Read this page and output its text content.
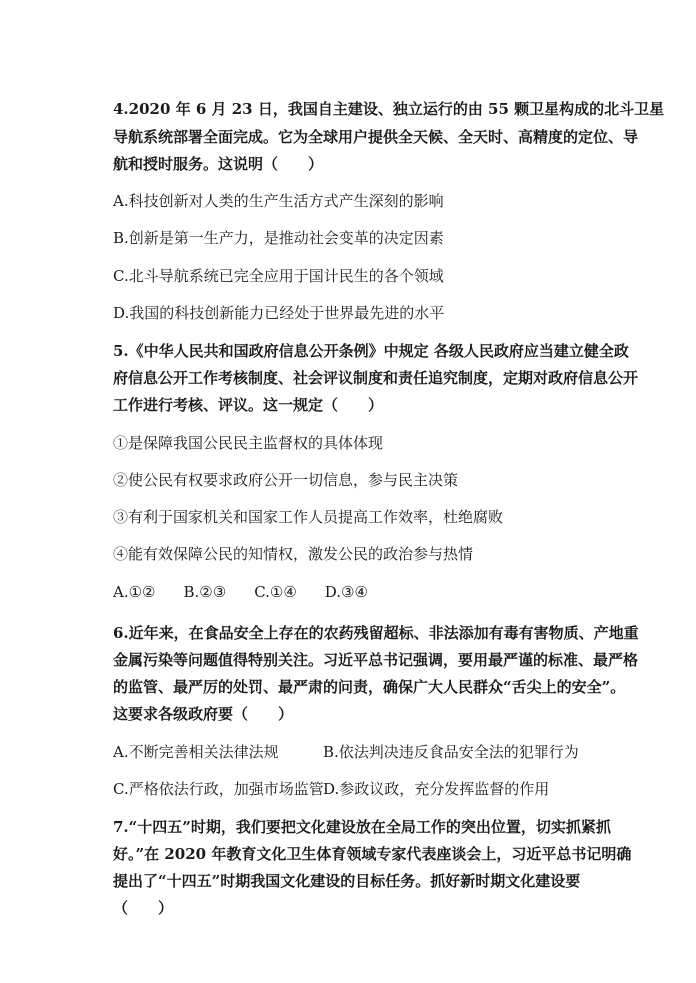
4.2020 年 6 月 23 日，我国自主建设、独立运行的由 55 颗卫星构成的北斗卫星
导航系统部署全面完成。它为全球用户提供全天候、全天时、高精度的定位、导
航和授时服务。这说明（　　）
A.科技创新对人类的生产生活方式产生深刻的影响
B.创新是第一生产力，是推动社会变革的决定因素
C.北斗导航系统已完全应用于国计民生的各个领域
D.我国的科技创新能力已经处于世界最先进的水平
5.《中华人民共和国政府信息公开条例》中规定 各级人民政府应当建立健全政
府信息公开工作考核制度、社会评议制度和责任追究制度，定期对政府信息公开
工作进行考核、评议。这一规定（　　）
①是保障我国公民民主监督权的具体体现
②使公民有权要求政府公开一切信息，参与民主决策
③有利于国家机关和国家工作人员提高工作效率，杜绝腐败
④能有效保障公民的知情权，激发公民的政治参与热情
A.①② B.②③ C.①④ D.③④
6.近年来，在食品安全上存在的农药残留超标、非法添加有毒有害物质、产地重
金属污染等问题值得特别关注。习近平总书记强调，要用最严谨的标准、最严格
的监管、最严厉的处罚、最严肃的问责，确保广大人民群众“舌尖上的安全”。
这要求各级政府要（　　）
A.不断完善相关法律法规	B.依法判决违反食品安全法的犯罪行为
C.严格依法行政，加强市场监管 D.参政议政，充分发挥监督的作用
7.“十四五”时期，我们要把文化建设放在全局工作的突出位置，切实抓紧抓
好。”在 2020 年教育文化卫生体育领域专家代表座谈会上，习近平总书记明确
提出了“十四五”时期我国文化建设的目标任务。抓好新时期文化建设要
（　　）
